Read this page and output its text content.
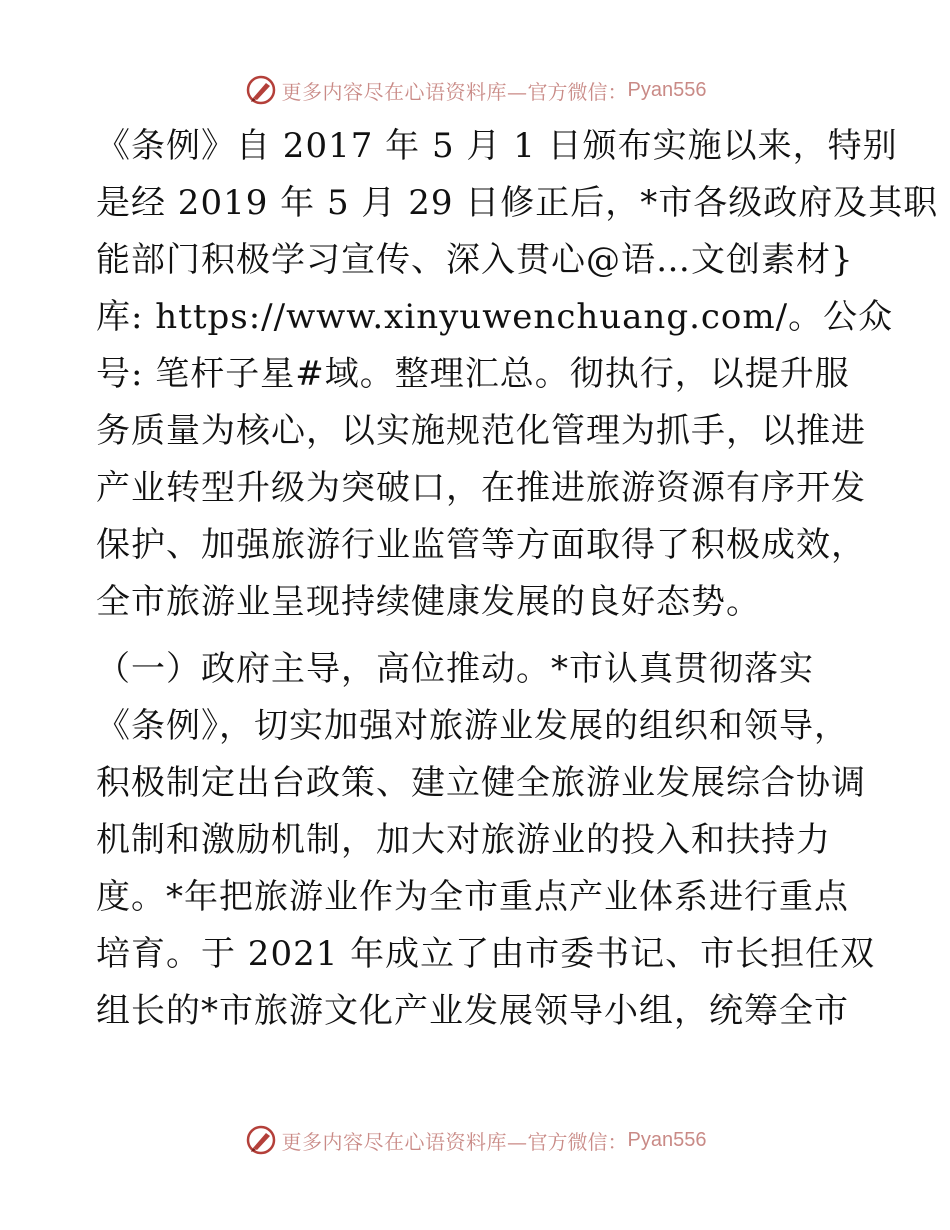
更多内容尽在心语资料库— 官方微信： Pyan556
《条例》自 2017 年 5 月 1 日颁布实施以来，特别
是经 2019 年 5 月 29 日修正后，*市各级政府及其职
能部门积极学习宣传、深入贯心@语…文创素材}
库: https://www.xinyuwenchuang.com/。公众
号: 笔杆子星#域。整理汇总。彻执行，以提升服
务质量为核心，以实施规范化管理为抓手，以推进
产业转型升级为突破口，在推进旅游资源有序开发
保护、加强旅游行业监管等方面取得了积极成效，
全市旅游业呈现持续健康发展的良好态势。
（一）政府主导，高位推动。*市认真贯彻落实
《条例》，切实加强对旅游业发展的组织和领导，
积极制定出台政策、建立健全旅游业发展综合协调
机制和激励机制，加大对旅游业的投入和扶持力
度。*年把旅游业作为全市重点产业体系进行重点
培育。于 2021 年成立了由市委书记、市长担任双
组长的*市旅游文化产业发展领导小组，统筹全市
更多内容尽在心语资料库— 官方微信： Pyan556
